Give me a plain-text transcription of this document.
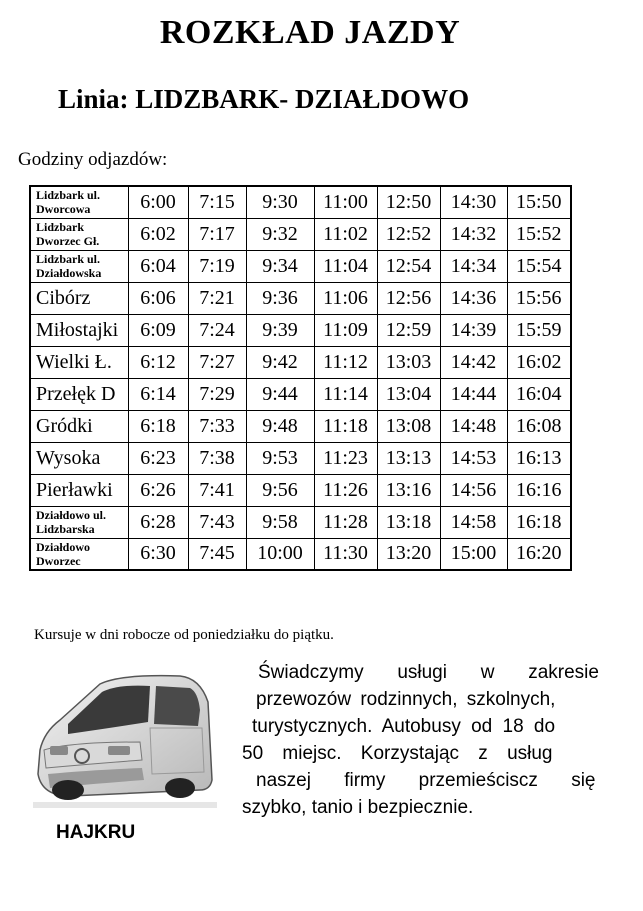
ROZKŁAD JAZDY
Linia: LIDZBARK- DZIAŁDOWO
Godziny odjazdów:
Lidzbark ul. Dworcowa	6:00	7:15	9:30	11:00	12:50	14:30	15:50
Lidzbark Dworzec Gł.	6:02	7:17	9:32	11:02	12:52	14:32	15:52
Lidzbark ul. Działdowska	6:04	7:19	9:34	11:04	12:54	14:34	15:54
Cibórz	6:06	7:21	9:36	11:06	12:56	14:36	15:56
Miłostajki	6:09	7:24	9:39	11:09	12:59	14:39	15:59
Wielki Ł.	6:12	7:27	9:42	11:12	13:03	14:42	16:02
Przełęk D	6:14	7:29	9:44	11:14	13:04	14:44	16:04
Gródki	6:18	7:33	9:48	11:18	13:08	14:48	16:08
Wysoka	6:23	7:38	9:53	11:23	13:13	14:53	16:13
Pierławki	6:26	7:41	9:56	11:26	13:16	14:56	16:16
Działdowo ul. Lidzbarska	6:28	7:43	9:58	11:28	13:18	14:58	16:18
Działdowo Dworzec	6:30	7:45	10:00	11:30	13:20	15:00	16:20
Kursuje w dni robocze od poniedziałku do piątku.
HAJKRU
Świadczymy usługi w zakresie
przewozów rodzinnych, szkolnych,
turystycznych. Autobusy od 18 do
50 miejsc. Korzystając z usług
naszej firmy przemieściscz się
szybko, tanio i bezpiecznie.
